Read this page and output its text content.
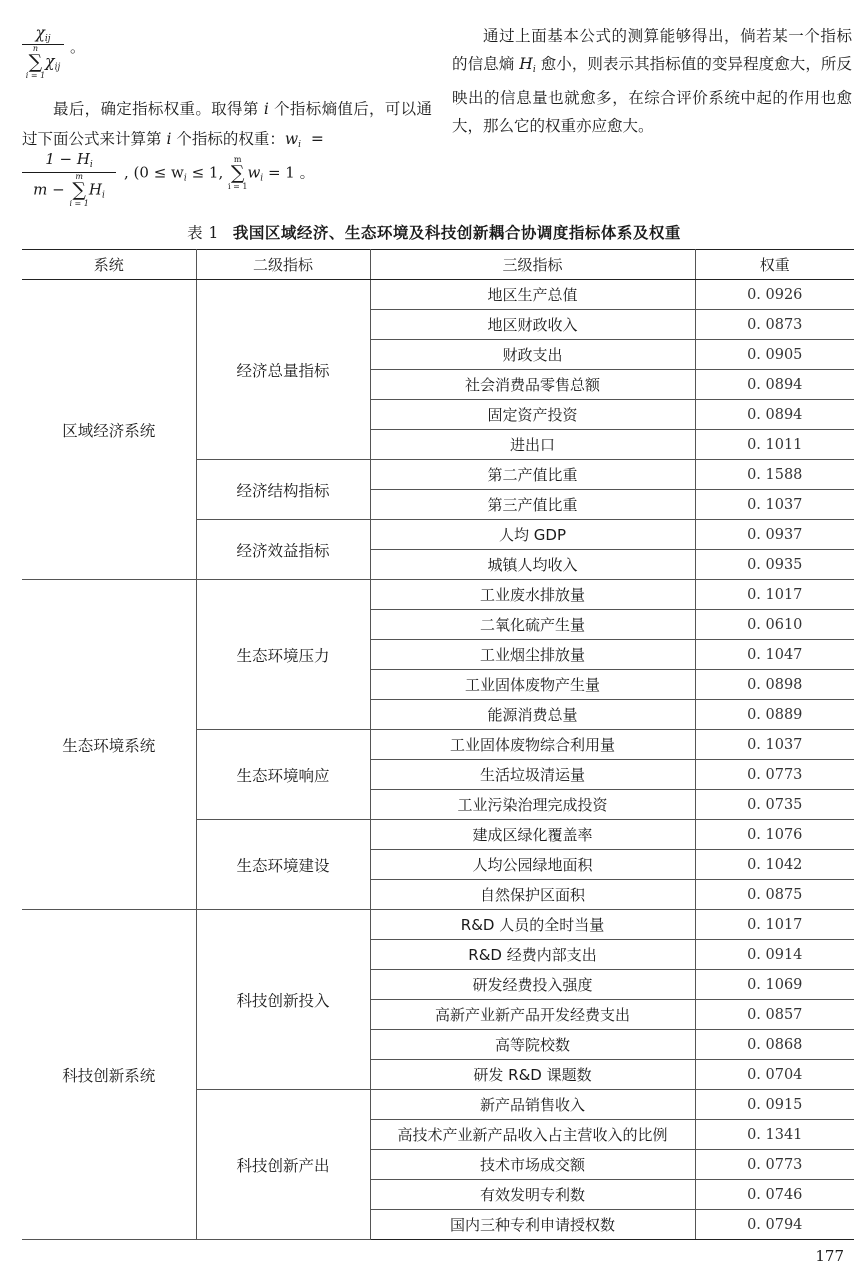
$\chi_{ij}$
n
∑
i = 1
$\chi_{ij}$ 。

最后，确定指标权重。取得第 i 个指标熵值后，可以通过下面公式来计算第 i 个指标的权重：$w_i$ =

$1 - H_i$
m −
m
∑
i = 1
$H_i$
, ($0 \le w_i \le 1$,
m
∑
i = 1
$w_i = 1$ 。

通过上面基本公式的测算能够得出，倘若某一个指标的信息熵 $H_i$ 愈小，则表示其指标值的变异程度愈大，所反映出的信息量也就愈多，在综合评价系统中起的作用也愈大，那么它的权重亦应愈大。

表 1 我国区域经济、生态环境及科技创新耦合协调度指标体系及权重
系统	二级指标	三级指标	权重
区域经济系统	经济总量指标	地区生产总值	0. 0926
		地区财政收入	0. 0873
		财政支出	0. 0905
		社会消费品零售总额	0. 0894
		固定资产投资	0. 0894
		进出口	0. 1011
	经济结构指标	第二产值比重	0. 1588
		第三产值比重	0. 1037
	经济效益指标	人均 GDP	0. 0937
		城镇人均收入	0. 0935
生态环境系统	生态环境压力	工业废水排放量	0. 1017
		二氧化硫产生量	0. 0610
		工业烟尘排放量	0. 1047
		工业固体废物产生量	0. 0898
		能源消费总量	0. 0889
	生态环境响应	工业固体废物综合利用量	0. 1037
		生活垃圾清运量	0. 0773
		工业污染治理完成投资	0. 0735
	生态环境建设	建成区绿化覆盖率	0. 1076
		人均公园绿地面积	0. 1042
		自然保护区面积	0. 0875
科技创新系统	科技创新投入	R&D 人员的全时当量	0. 1017
		R&D 经费内部支出	0. 0914
		研发经费投入强度	0. 1069
		高新产业新产品开发经费支出	0. 0857
		高等院校数	0. 0868
		研发 R&D 课题数	0. 0704
	科技创新产出	新产品销售收入	0. 0915
		高技术产业新产品收入占主营收入的比例	0. 1341
		技术市场成交额	0. 0773
		有效发明专利数	0. 0746
		国内三种专利申请授权数	0. 0794
177
